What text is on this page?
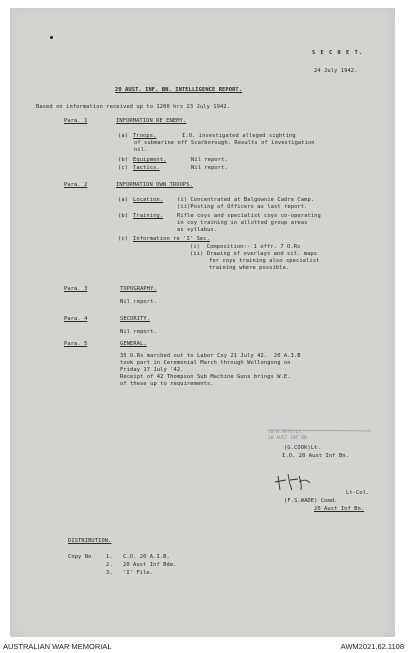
S E C R E T.
24 July 1942.
20 AUST. INF. BN. INTELLIGENCE REPORT.
Based on information received up to 1200 hrs 23 July 1942.
Para. 1	INFORMATION RE ENEMY.
(a) Troops.	I.O. investigated alleged sighting
of submarine off Scarborough. Results of investigation
nil.
(b) Equipment.	Nil report.
(c) Tactics.	Nil report.
Para. 2	INFORMATION OWN TROOPS.
(a) Location.	(i) Concentrated at Balgownie Cadre Camp.
(ii)Posting of Officers as last report.
(b) Training.	Rifle coys and specialist coys co-operating
in coy training in allotted group areas
as syllabus.
(c) Information re 'I' Sec.
(i)  Composition:- 1 offr. 7 O.Rs
(ii) Drawing of overlays and sit. maps
for coys training also specialist
training where possible.
Para. 3	TOPOGRAPHY.
Nil report.
Para. 4	SECURITY.
Nil report.
Para. 5	GENERAL.
35 O.Rs marched out to Labor Coy 21 July 42.  20 A.I.B
took part in Ceremonial March through Wollongong on
Friday 17 July '42.
Receipt of 42 Thompson Sub Machine Guns brings W.E.
of these up to requirements.
(D.A.MAYO)Lt.
20 AUST INF BN
(G.COOK)Lt.
I.O. 20 Aust Inf Bn.
Lt-Col.
(F.S.WADE) Comd.
20 Aust Inf Bn.
DISTRIBUTION.
Copy No	1. C.O. 20 A.I.B.
2. 20 Aust Inf Bde.
3. 'I' File.
AUSTRALIAN WAR MEMORIAL	AWM2021.62.1108
